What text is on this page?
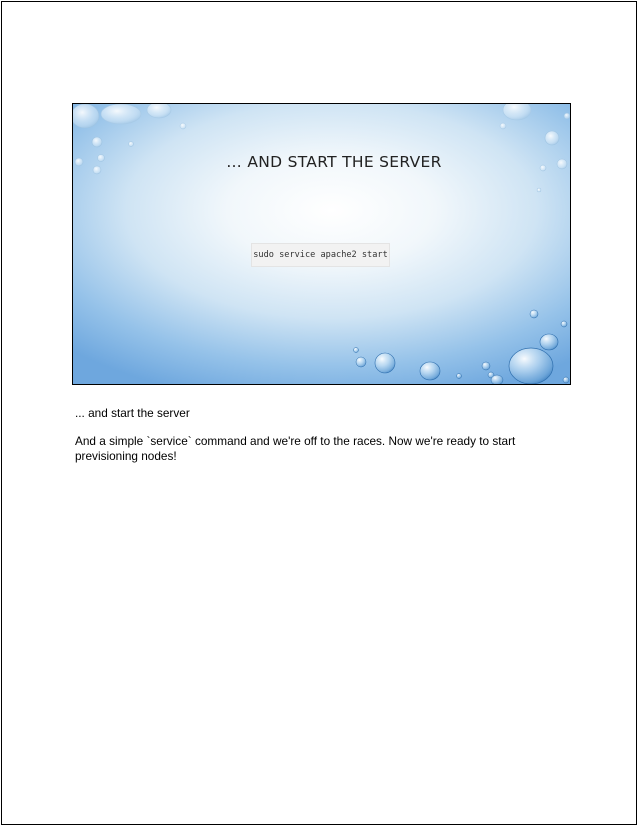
… AND START THE SERVER
sudo service apache2 start

... and start the server

And a simple `service` command and we're off to the races. Now we're ready to start previsioning nodes!
